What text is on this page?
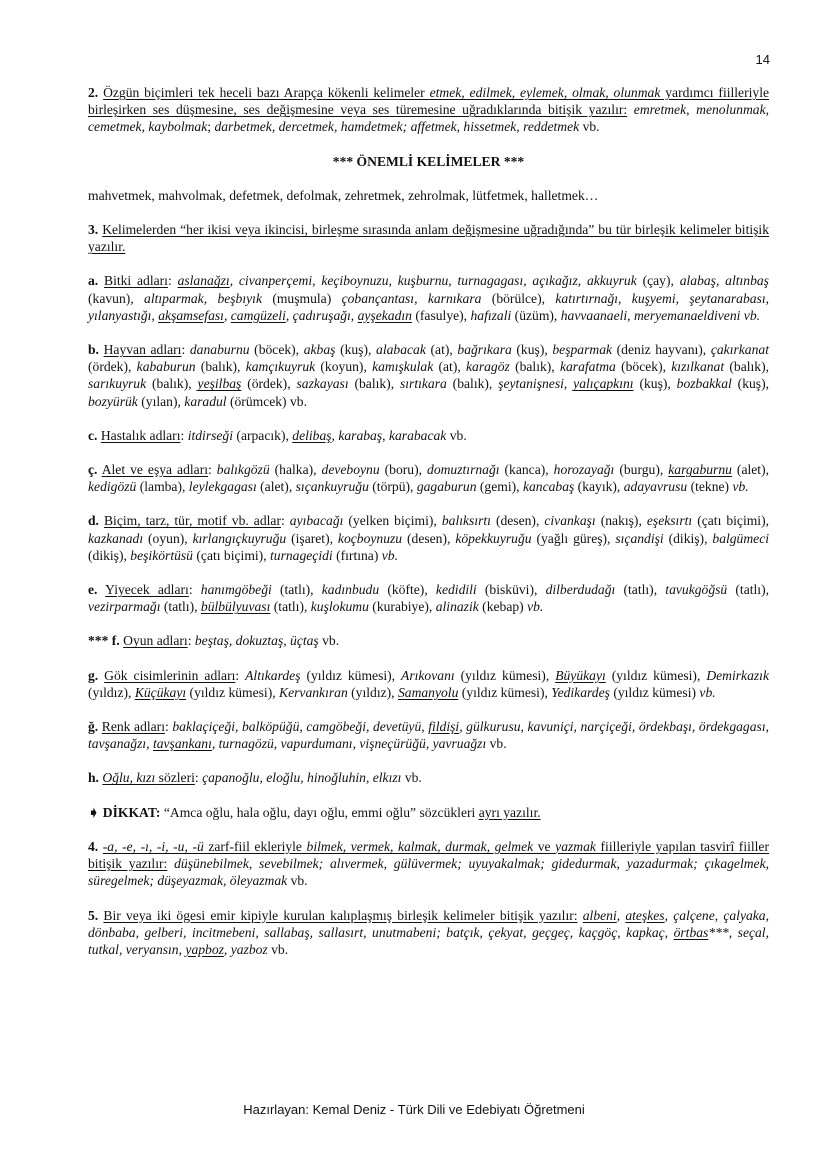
14

2. Özgün biçimleri tek heceli bazı Arapça kökenli kelimeler etmek, edilmek, eylemek, olmak, olunmak yardımcı fiilleriyle birleşirken ses düşmesine, ses değişmesine veya ses türemesine uğradıklarında bitişik yazılır: emretmek, menolunmak, cemetmek, kaybolmak; darbetmek, dercetmek, hamdetmek; affetmek, hissetmek, reddetmek vb.

*** ÖNEMLİ KELİMELER ***

mahvetmek, mahvolmak, defetmek, defolmak, zehretmek, zehrolmak, lütfetmek, halletmek…

3. Kelimelerden “her ikisi veya ikincisi, birleşme sırasında anlam değişmesine uğradığında” bu tür birleşik kelimeler bitişik yazılır.

a. Bitki adları: aslanağzı, civanperçemi, keçiboynuzu, kuşburnu, turnagagası, açıkağız, akkuyruk (çay), alabaş, altınbaş (kavun), altıparmak, beşbıyık (muşmula) çobançantası, karnıkara (börülce), katırtırnağı, kuşyemi, şeytanarabası, yılanyastığı, akşamsefası, camgüzeli, çadıruşağı, ayşekadın (fasulye), hafızali (üzüm), havvaanaeli, meryemanaeldiveni vb.

b. Hayvan adları: danaburnu (böcek), akbaş (kuş), alabacak (at), bağrıkara (kuş), beşparmak (deniz hayvanı), çakırkanat (ördek), kababurun (balık), kamçıkuyruk (koyun), kamışkulak (at), karagöz (balık), karafatma (böcek), kızılkanat (balık), sarıkuyruk (balık), yeşilbaş (ördek), sazkayası (balık), sırtıkara (balık), şeytanişnesi, yalıçapkını (kuş), bozbakkal (kuş), bozyürük (yılan), karadul (örümcek) vb.

c. Hastalık adları: itdirseği (arpacık), delibaş, karabaş, karabacak vb.

ç. Alet ve eşya adları: balıkgözü (halka), deveboynu (boru), domuztırnağı (kanca), horozayağı (burgu), kargaburnu (alet), kedigözü (lamba), leylekgagası (alet), sıçankuyruğu (törpü), gagaburun (gemi), kancabaş (kayık), adayavrusu (tekne) vb.

d. Biçim, tarz, tür, motif vb. adlar: ayıbacağı (yelken biçimi), balıksırtı (desen), civankaşı (nakış), eşeksırtı (çatı biçimi), kazkanadı (oyun), kırlangıçkuyruğu (işaret), koçboynuzu (desen), köpekkuyruğu (yağlı güreş), sıçandişi (dikiş), balgümeci (dikiş), beşikörtüsü (çatı biçimi), turnageçidi (fırtına) vb.

e. Yiyecek adları: hanımgöbeği (tatlı), kadınbudu (köfte), kedidili (bisküvi), dilberdudağı (tatlı), tavukgöğsü (tatlı), vezirparmağı (tatlı), bülbülyuvası (tatlı), kuşlokumu (kurabiye), alinazik (kebap) vb.

*** f. Oyun adları: beştaş, dokuztaş, üçtaş vb.

g. Gök cisimlerinin adları: Altıkardeş (yıldız kümesi), Arıkovanı (yıldız kümesi), Büyükayı (yıldız kümesi), Demirkazık (yıldız), Küçükayı (yıldız kümesi), Kervankıran (yıldız), Samanyolu (yıldız kümesi), Yedikardeş (yıldız kümesi) vb.

ğ. Renk adları: baklaçiçeği, balköpüğü, camgöbeği, devetüyü, fildişi, gülkurusu, kavuniçi, narçiçeği, ördekbaşı, ördekgagası, tavşanağzı, tavşankanı, turnagözü, vapurdumanı, vişneçürüğü, yavruağzı vb.

h. Oğlu, kızı sözleri: çapanoğlu, eloğlu, hinoğluhin, elkızı vb.

➧ DİKKAT: “Amca oğlu, hala oğlu, dayı oğlu, emmi oğlu” sözcükleri ayrı yazılır.

4. -a, -e, -ı, -i, -u, -ü zarf-fiil ekleriyle bilmek, vermek, kalmak, durmak, gelmek ve yazmak fiilleriyle yapılan tasvirî fiiller bitişik yazılır: düşünebilmek, sevebilmek; alıvermek, gülüvermek; uyuyakalmak; gidedurmak, yazadurmak; çıkagelmek, süregelmek; düşeyazmak, öleyazmak vb.

5. Bir veya iki ögesi emir kipiyle kurulan kalıplaşmış birleşik kelimeler bitişik yazılır: albeni, ateşkes, çalçene, çalyaka, dönbaba, gelberi, incitmebeni, sallabaş, sallasırt, unutmabeni; batçık, çekyat, geçgeç, kaçgöç, kapkaç, örtbas***, seçal, tutkal, veryansın, yapboz, yazboz vb.

Hazırlayan: Kemal Deniz - Türk Dili ve Edebiyatı Öğretmeni
